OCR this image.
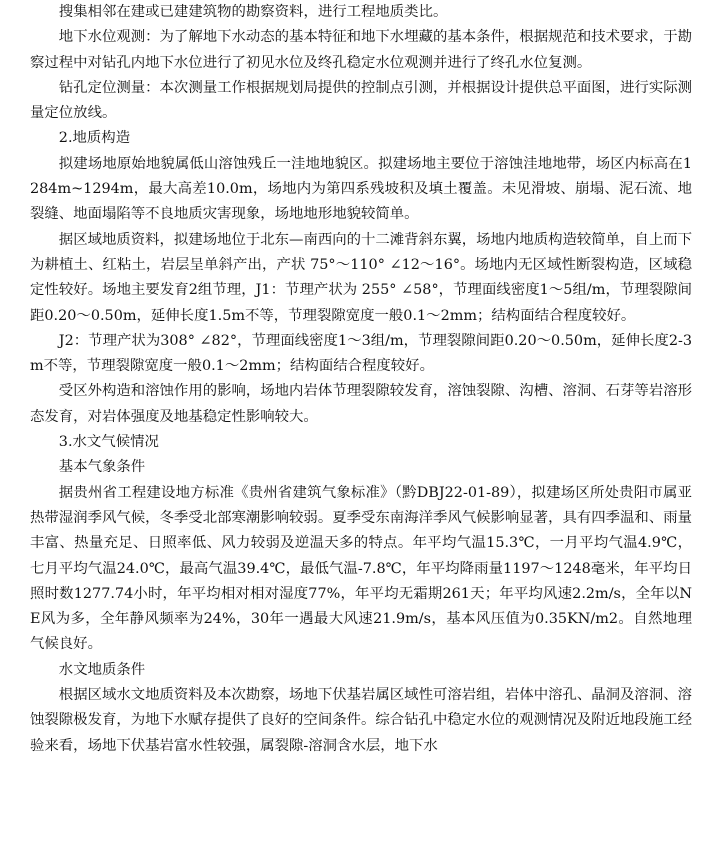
搜集相邻在建或已建建筑物的勘察资料，进行工程地质类比。

地下水位观测：为了解地下水动态的基本特征和地下水埋藏的基本条件，根据规范和技术要求，于勘察过程中对钻孔内地下水位进行了初见水位及终孔稳定水位观测并进行了终孔水位复测。

钻孔定位测量：本次测量工作根据规划局提供的控制点引测，并根据设计提供总平面图，进行实际测量定位放线。

2.地质构造

拟建场地原始地貌属低山溶蚀残丘一洼地地貌区。拟建场地主要位于溶蚀洼地地带，场区内标高在1284m~1294m，最大高差10.0m，场地内为第四系残坡积及填土覆盖。未见滑坡、崩塌、泥石流、地裂缝、地面塌陷等不良地质灾害现象，场地地形地貌较简单。

据区域地质资料，拟建场地位于北东—南西向的十二滩背斜东翼，场地内地质构造较简单，自上而下为耕植土、红粘土，岩层呈单斜产出，产状 75°～110° ∠12～16°。场地内无区域性断裂构造，区域稳定性较好。场地主要发育2组节理，J1：节理产状为 255° ∠58°，节理面线密度1～5组/m，节理裂隙间距0.20～0.50m，延伸长度1.5m不等，节理裂隙宽度一般0.1～2mm；结构面结合程度较好。

J2：节理产状为308° ∠82°，节理面线密度1～3组/m，节理裂隙间距0.20～0.50m，延伸长度2-3m不等，节理裂隙宽度一般0.1～2mm；结构面结合程度较好。

受区外构造和溶蚀作用的影响，场地内岩体节理裂隙较发育，溶蚀裂隙、沟槽、溶洞、石芽等岩溶形态发育，对岩体强度及地基稳定性影响较大。

3.水文气候情况

基本气象条件

据贵州省工程建设地方标准《贵州省建筑气象标准》（黔DBJ22-01-89），拟建场区所处贵阳市属亚热带湿润季风气候，冬季受北部寒潮影响较弱。夏季受东南海洋季风气候影响显著，具有四季温和、雨量丰富、热量充足、日照率低、风力较弱及逆温天多的特点。年平均气温15.3℃，一月平均气温4.9℃，七月平均气温24.0℃，最高气温39.4℃，最低气温-7.8℃，年平均降雨量1197～1248毫米，年平均日照时数1277.74小时，年平均相对相对湿度77%，年平均无霜期261天；年平均风速2.2m/s，全年以NE风为多，全年静风频率为24%，30年一遇最大风速21.9m/s，基本风压值为0.35KN/m2。自然地理气候良好。

水文地质条件

根据区域水文地质资料及本次勘察，场地下伏基岩属区域性可溶岩组，岩体中溶孔、晶洞及溶洞、溶蚀裂隙极发育，为地下水赋存提供了良好的空间条件。综合钻孔中稳定水位的观测情况及附近地段施工经验来看，场地下伏基岩富水性较强，属裂隙-溶洞含水层，地下水
